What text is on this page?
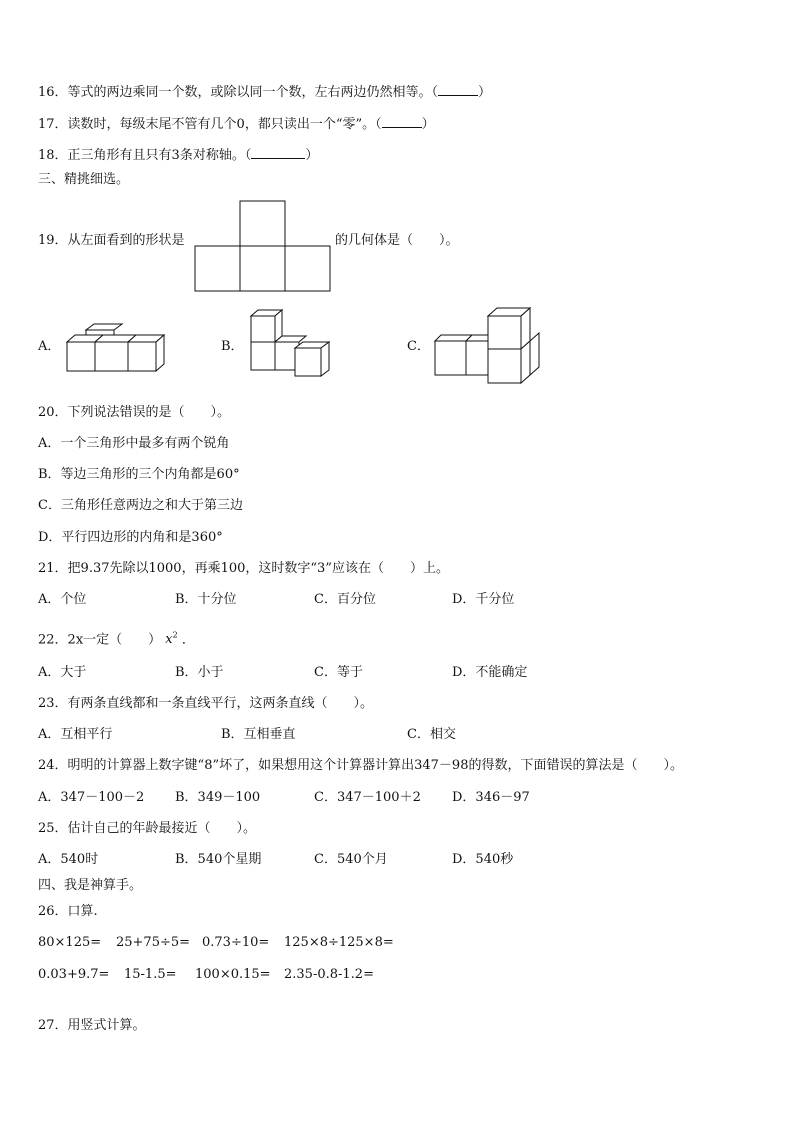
16．等式的两边乘同一个数，或除以同一个数，左右两边仍然相等。（	）
17．读数时，每级末尾不管有几个0，都只读出一个“零”。（	）
18．正三角形有且只有3条对称轴。（	）
三、精挑细选。
19．从左面看到的形状是	的几何体是（　　）。
A．	B．	C．
20．下列说法错误的是（　　）。
A．一个三角形中最多有两个锐角
B．等边三角形的三个内角都是60°
C．三角形任意两边之和大于第三边
D．平行四边形的内角和是360°
21．把9.37先除以1000，再乘100，这时数字“3”应该在（　　）上。
A．个位	B．十分位	C．百分位	D．千分位
22．2x一定（　　） $x^2$ ．
A．大于	B．小于	C．等于	D．不能确定
23．有两条直线都和一条直线平行，这两条直线（　　）。
A．互相平行	B．互相垂直	C．相交
24．明明的计算器上数字键“8”坏了，如果想用这个计算器计算出347－98的得数，下面错误的算法是（　　）。
A．347－100－2 B．349－100	C．347－100＋2 D．346－97
25．估计自己的年龄最接近（　　）。
A．540时	B．540个星期	C．540个月	D．540秒
四、我是神算手。
26．口算.
80×125= 25+75÷5= 0.73÷10= 125×8÷125×8=
0.03+9.7= 15-1.5= 100×0.15= 2.35-0.8-1.2=
27．用竖式计算。
